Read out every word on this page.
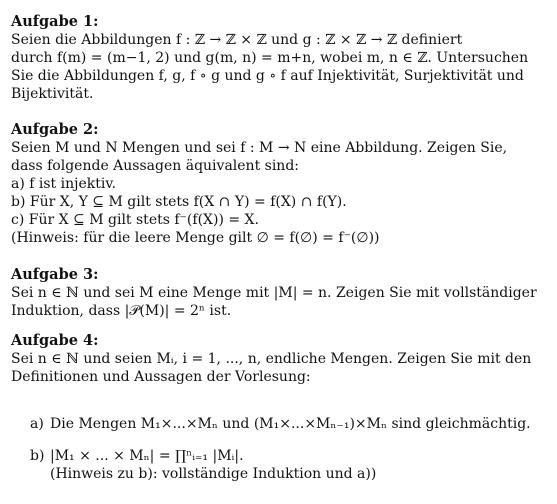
Aufgabe 1:
Seien die Abbildungen f : ℤ → ℤ × ℤ und g : ℤ × ℤ → ℤ definiert
durch f(m) = (m−1, 2) und g(m, n) = m+n, wobei m, n ∈ ℤ. Untersuchen
Sie die Abbildungen f, g, f ∘ g und g ∘ f auf Injektivität, Surjektivität und
Bijektivität.
Aufgabe 2:
Seien M und N Mengen und sei f : M → N eine Abbildung. Zeigen Sie,
dass folgende Aussagen äquivalent sind:
a) f ist injektiv.
b) Für X, Y ⊆ M gilt stets f(X ∩ Y) = f(X) ∩ f(Y).
c) Für X ⊆ M gilt stets f⁻(f(X)) = X.
(Hinweis: für die leere Menge gilt ∅ = f(∅) = f⁻(∅))
Aufgabe 3:
Sei n ∈ ℕ und sei M eine Menge mit |M| = n. Zeigen Sie mit vollständiger
Induktion, dass |𝒫(M)| = 2ⁿ ist.
Aufgabe 4:
Sei n ∈ ℕ und seien Mᵢ, i = 1, ..., n, endliche Mengen. Zeigen Sie mit den
Definitionen und Aussagen der Vorlesung:
a) Die Mengen M₁×...×Mₙ und (M₁×...×Mₙ₋₁)×Mₙ sind gleichmächtig.
b) |M₁ × ... × Mₙ| = ∏ⁿᵢ₌₁ |Mᵢ|.
(Hinweis zu b): vollständige Induktion und a))
